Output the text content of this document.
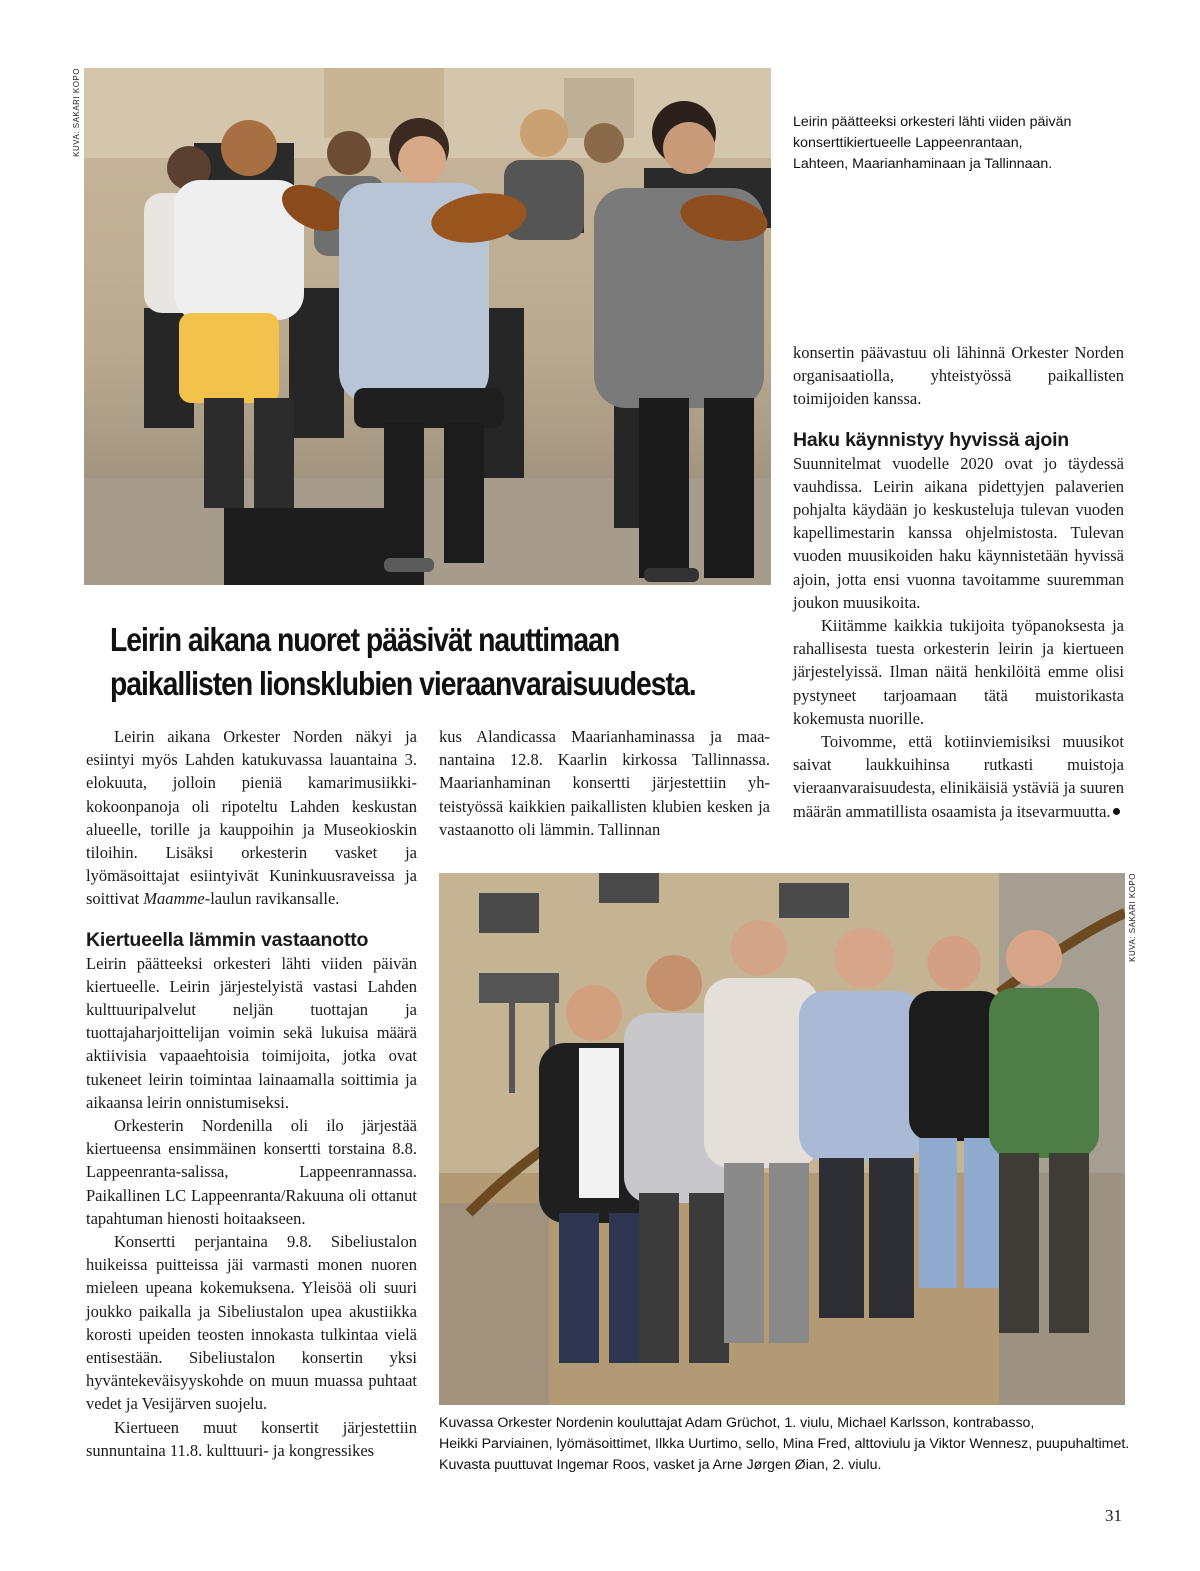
KUVA: SAKARI KOPO
KUVA: SAKARI KOPO
Leirin päätteeksi orkesteri lähti viiden päivän
konserttikiertueelle Lappeenrantaan,
Lahteen, Maarianhaminaan ja Tallinnaan.
Leirin aikana nuoret pääsivät nauttimaan
paikallisten lionsklubien vieraanvaraisuudesta.

Leirin aikana Orkester Norden näkyi ja esiintyi myös Lahden katukuvassa lauantaina 3. elokuuta, jolloin pieniä kamarimusiikkikokoonpanoja oli ripoteltu Lahden keskustan alueelle, torille ja kauppoihin ja Museokioskin tiloihin. Lisäksi orkesterin vasket ja lyömäsoittajat esiintyivät Kuninkuusraveissa ja soittivat Maamme-laulun ravikansalle.

Kiertueella lämmin vastaanotto

Leirin päätteeksi orkesteri lähti viiden päivän kiertueelle. Leirin järjestelyistä vastasi Lahden kulttuuripalvelut neljän tuottajan ja tuottajaharjoittelijan voimin sekä lukuisa määrä aktiivisia vapaaehtoisia toimijoita, jotka ovat tukeneet leirin toimintaa lainaamalla soittimia ja aikaansa leirin onnistumiseksi.

Orkesterin Nordenilla oli ilo järjestää kiertueensa ensimmäinen konsertti torstaina 8.8. Lappeenranta-salissa, Lappeenrannassa. Paikallinen LC Lappeenranta/Rakuuna oli ottanut tapahtuman hienosti hoitaakseen.

Konsertti perjantaina 9.8. Sibeliustalon huikeissa puitteissa jäi varmasti monen nuoren mieleen upeana kokemuksena. Yleisöä oli suuri joukko paikalla ja Sibeliustalon upea akustiikka korosti upeiden teosten innokasta tulkintaa vielä entisestään. Sibeliustalon konsertin yksi hyväntekeväisyyskohde on muun muassa puhtaat vedet ja Vesijärven suojelu.

Kiertueen muut konsertit järjestettiin sunnuntaina 11.8. kulttuuri- ja kongressikes

kus Alandicassa Maarianhaminassa ja maanantaina 12.8. Kaarlin kirkossa Tallinnassa. Maarianhaminan konsertti järjestettiin yhteistyössä kaikkien paikallisten klubien kesken ja vastaanotto oli lämmin. Tallinnan

konsertin päävastuu oli lähinnä Orkester Norden organisaatiolla, yhteistyössä paikallisten toimijoiden kanssa.

Haku käynnistyy hyvissä ajoin

Suunnitelmat vuodelle 2020 ovat jo täydessä vauhdissa. Leirin aikana pidettyjen palaverien pohjalta käydään jo keskusteluja tulevan vuoden kapellimestarin kanssa ohjelmistosta. Tulevan vuoden muusikoiden haku käynnistetään hyvissä ajoin, jotta ensi vuonna tavoitamme suuremman joukon muusikoita.

Kiitämme kaikkia tukijoita työpanoksesta ja rahallisesta tuesta orkesterin leirin ja kiertueen järjestelyissä. Ilman näitä henkilöitä emme olisi pystyneet tarjoamaan tätä muistorikasta kokemusta nuorille.

Toivomme, että kotiinviemisiksi muusikot saivat laukkuihinsa rutkasti muistoja vieraanvaraisuudesta, elinikäisiä ystäviä ja suuren määrän ammatillista osaamista ja itsevarmuutta.

Kuvassa Orkester Nordenin kouluttajat Adam Grüchot, 1. viulu, Michael Karlsson, kontrabasso,
Heikki Parviainen, lyömäsoittimet, Ilkka Uurtimo, sello, Mina Fred, alttoviulu ja Viktor Wennesz, puupuhaltimet.
Kuvasta puuttuvat Ingemar Roos, vasket ja Arne Jørgen Øian, 2. viulu.
31
